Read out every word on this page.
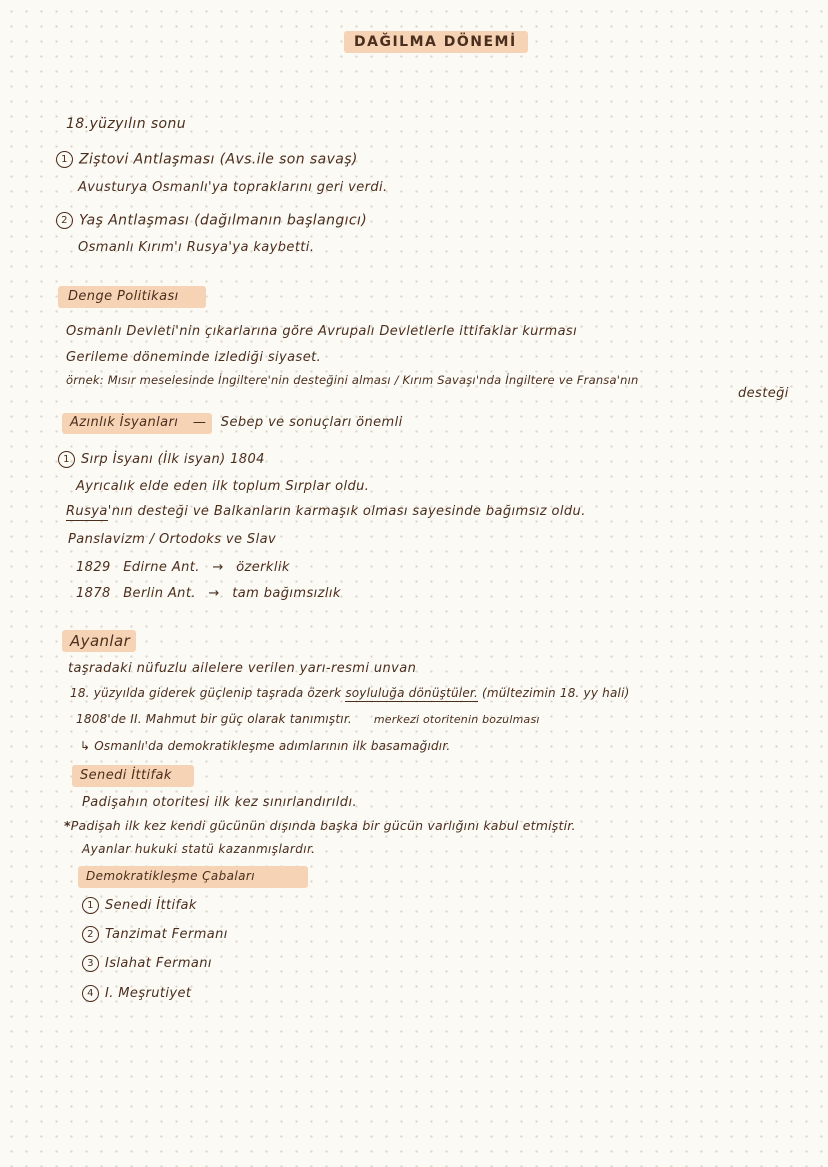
DAĞILMA DÖNEMİ
18.yüzyılın sonu
1 Ziştovi Antlaşması (Avs.ile son savaş)
Avusturya Osmanlı'ya topraklarını geri verdi.
2 Yaş Antlaşması (dağılmanın başlangıcı)
Osmanlı Kırım'ı Rusya'ya kaybetti.
Denge Politikası
Osmanlı Devleti'nin çıkarlarına göre Avrupalı Devletlerle ittifaklar kurması
Gerileme döneminde izlediği siyaset.
örnek: Mısır meselesinde İngiltere'nin desteğini alması / Kırım Savaşı'nda İngiltere ve Fransa'nın
desteği
Azınlık İsyanları — Sebep ve sonuçları önemli
1 Sırp İsyanı (İlk isyan) 1804
Ayrıcalık elde eden ilk toplum Sırplar oldu.
Rusya'nın desteği ve Balkanların karmaşık olması sayesinde bağımsız oldu.
Panslavizm / Ortodoks ve Slav
1829 Edirne Ant. → özerklik
1878 Berlin Ant. → tam bağımsızlık
Ayanlar
taşradaki nüfuzlu ailelere verilen yarı-resmi unvan
18. yüzyılda giderek güçlenip taşrada özerk soyluluğa dönüştüler. (mültezimin 18. yy hali)
1808'de II. Mahmut bir güç olarak tanımıştır. merkezi otoritenin bozulması
↳ Osmanlı'da demokratikleşme adımlarının ilk basamağıdır.
Senedi İttifak
Padişahın otoritesi ilk kez sınırlandırıldı.
*Padişah ilk kez kendi gücünün dışında başka bir gücün varlığını kabul etmiştir.
Ayanlar hukuki statü kazanmışlardır.
Demokratikleşme Çabaları
1 Senedi İttifak
2 Tanzimat Fermanı
3 Islahat Fermanı
4 I. Meşrutiyet
